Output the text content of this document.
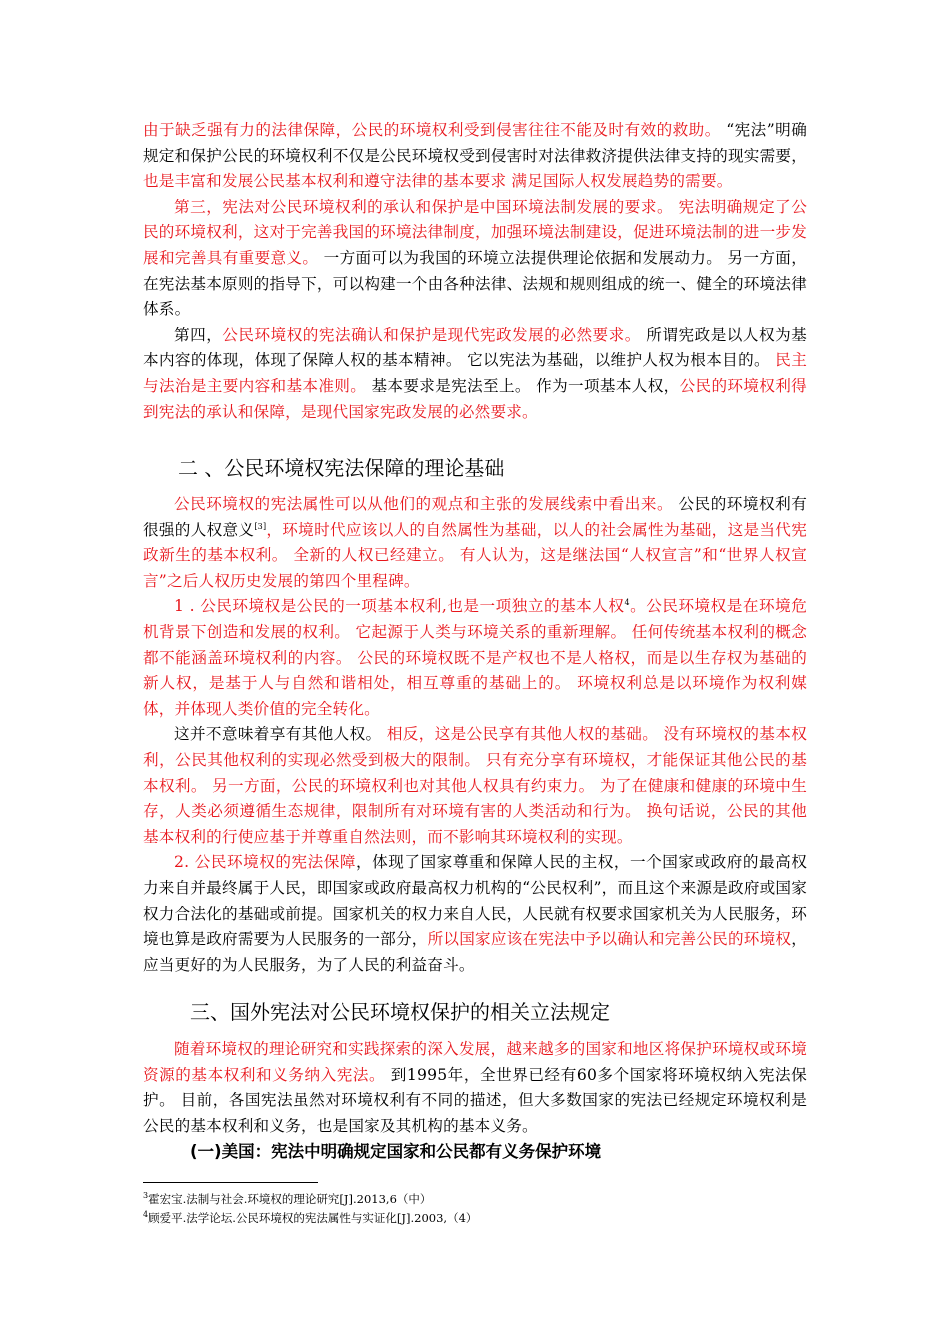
由于缺乏强有力的法律保障，公民的环境权利受到侵害往往不能及时有效的救助。 “宪法”明确规定和保护公民的环境权利不仅是公民环境权受到侵害时对法律救济提供法律支持的现实需要，也是丰富和发展公民基本权利和遵守法律的基本要求 满足国际人权发展趋势的需要。

第三，宪法对公民环境权利的承认和保护是中国环境法制发展的要求。 宪法明确规定了公民的环境权利，这对于完善我国的环境法律制度，加强环境法制建设，促进环境法制的进一步发展和完善具有重要意义。 一方面可以为我国的环境立法提供理论依据和发展动力。 另一方面，在宪法基本原则的指导下，可以构建一个由各种法律、法规和规则组成的统一、健全的环境法律体系。

第四，公民环境权的宪法确认和保护是现代宪政发展的必然要求。 所谓宪政是以人权为基本内容的体现，体现了保障人权的基本精神。 它以宪法为基础，以维护人权为根本目的。 民主与法治是主要内容和基本准则。 基本要求是宪法至上。 作为一项基本人权，公民的环境权利得到宪法的承认和保障，是现代国家宪政发展的必然要求。

二 、公民环境权宪法保障的理论基础

公民环境权的宪法属性可以从他们的观点和主张的发展线索中看出来。 公民的环境权利有很强的人权意义[3]，环境时代应该以人的自然属性为基础，以人的社会属性为基础，这是当代宪政新生的基本权利。 全新的人权已经建立。 有人认为，这是继法国“人权宣言”和“世界人权宣言”之后人权历史发展的第四个里程碑。

1 . 公民环境权是公民的一项基本权利,也是一项独立的基本人权$^4$。公民环境权是在环境危机背景下创造和发展的权利。 它起源于人类与环境关系的重新理解。 任何传统基本权利的概念都不能涵盖环境权利的内容。 公民的环境权既不是产权也不是人格权，而是以生存权为基础的新人权，是基于人与自然和谐相处，相互尊重的基础上的。 环境权利总是以环境作为权利媒体，并体现人类价值的完全转化。

这并不意味着享有其他人权。 相反，这是公民享有其他人权的基础。 没有环境权的基本权利，公民其他权利的实现必然受到极大的限制。 只有充分享有环境权，才能保证其他公民的基本权利。 另一方面，公民的环境权利也对其他人权具有约束力。 为了在健康和健康的环境中生存，人类必须遵循生态规律，限制所有对环境有害的人类活动和行为。 换句话说，公民的其他基本权利的行使应基于并尊重自然法则，而不影响其环境权利的实现。

2. 公民环境权的宪法保障，体现了国家尊重和保障人民的主权，一个国家或政府的最高权力来自并最终属于人民，即国家或政府最高权力机构的“公民权利”，而且这个来源是政府或国家权力合法化的基础或前提。国家机关的权力来自人民，人民就有权要求国家机关为人民服务，环境也算是政府需要为人民服务的一部分，所以国家应该在宪法中予以确认和完善公民的环境权，应当更好的为人民服务，为了人民的利益奋斗。

三、国外宪法对公民环境权保护的相关立法规定

随着环境权的理论研究和实践探索的深入发展，越来越多的国家和地区将保护环境权或环境资源的基本权利和义务纳入宪法。 到1995年，全世界已经有60多个国家将环境权纳入宪法保护。 目前，各国宪法虽然对环境权利有不同的描述，但大多数国家的宪法已经规定环境权利是公民的基本权利和义务，也是国家及其机构的基本义务。

(一)美国：宪法中明确规定国家和公民都有义务保护环境
$^3$霍宏宝.法制与社会.环境权的理论研究[J].2013,6（中）
$^4$顾爱平.法学论坛.公民环境权的宪法属性与实证化[J].2003,（4）
